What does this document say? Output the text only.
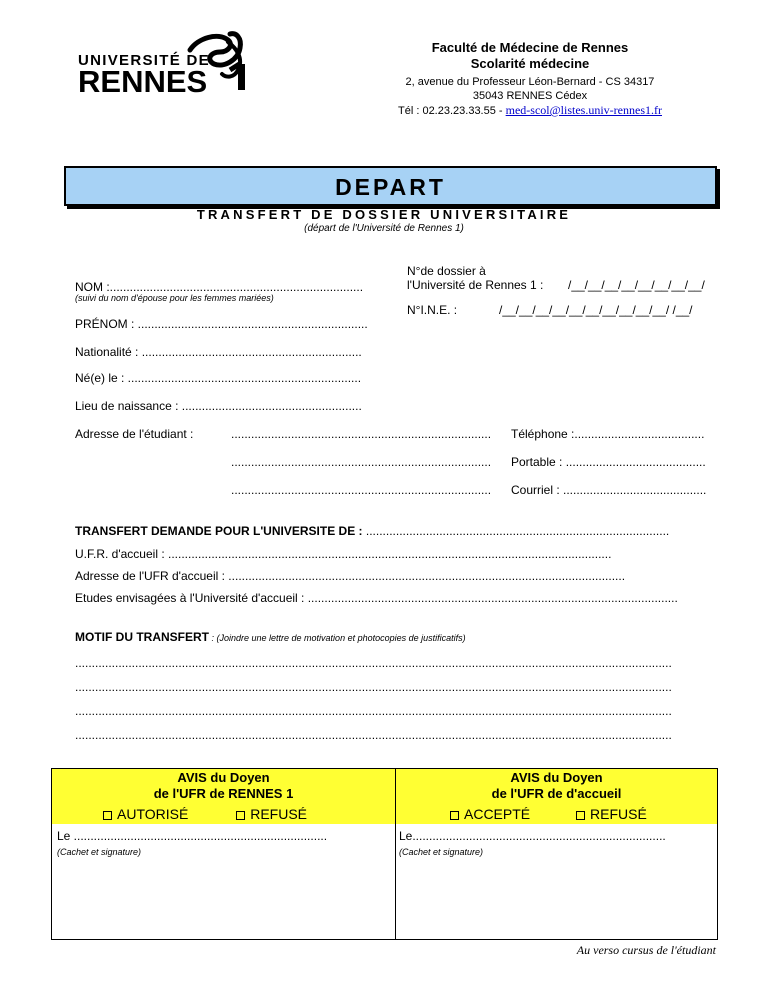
UNIVERSITÉ DE
RENNES
Faculté de Médecine de Rennes
Scolarité médecine
2, avenue du Professeur Léon-Bernard - CS 34317
35043 RENNES Cédex
Tél : 02.23.23.33.55 - med-scol@listes.univ-rennes1.fr
DEPART
TRANSFERT DE DOSSIER UNIVERSITAIRE
(départ de l'Université de Rennes 1)
NOM :............................................................................
(suivi du nom d'épouse pour les femmes mariées)
N°de dossier à
l'Université de Rennes 1 : /__/__/__/__/__/__/__/__/
N°I.N.E. :	/__/__/__/__/__/__/__/__/__/__/ /__/
PRÉNOM : .....................................................................
Nationalité : ..................................................................
Né(e) le : ......................................................................
Lieu de naissance : ......................................................
Adresse de l'étudiant :	.............................................................................. Téléphone :.......................................
.............................................................................. Portable : ..........................................
.............................................................................. Courriel : ...........................................
TRANSFERT DEMANDE POUR L'UNIVERSITE DE : ...........................................................................................
U.F.R. d'accueil : .....................................................................................................................................
Adresse de l'UFR d'accueil : .......................................................................................................................
Etudes envisagées à l'Université d'accueil : ...............................................................................................................
MOTIF DU TRANSFERT : (Joindre une lettre de motivation et photocopies de justificatifs)
...................................................................................................................................................................................
...................................................................................................................................................................................
...................................................................................................................................................................................
...................................................................................................................................................................................
AVIS du Doyen
de l'UFR de RENNES 1
AUTORISÉ	REFUSÉ
Le ............................................................................
(Cachet et signature)
AVIS du Doyen
de l'UFR de d'accueil
ACCEPTÉ	REFUSÉ
Le............................................................................
(Cachet et signature)
Au verso cursus de l'étudiant
